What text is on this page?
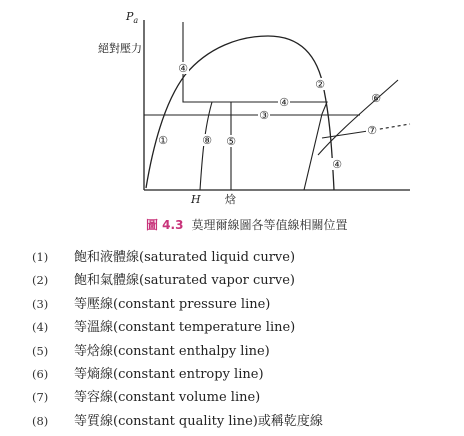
$P_a$
絕對壓力
H 焓
④
②
④
③
⑥
⑦
①	⑧ ⑤
④
圖 4.3 莫理爾線圖各等值線相關位置
(1) 飽和液體線(saturated liquid curve)
(2) 飽和氣體線(saturated vapor curve)
(3) 等壓線(constant pressure line)
(4) 等溫線(constant temperature line)
(5) 等焓線(constant enthalpy line)
(6) 等熵線(constant entropy line)
(7) 等容線(constant volume line)
(8) 等質線(constant quality line)或稱乾度線
